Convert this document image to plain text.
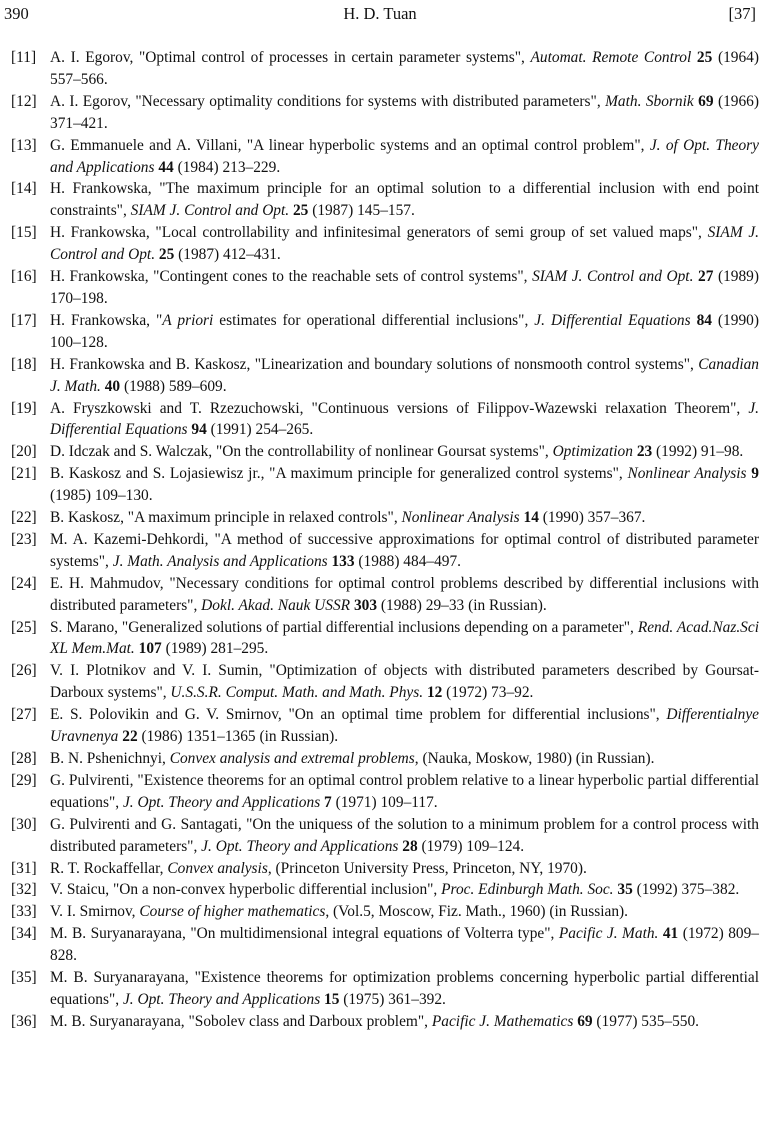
390	H. D. Tuan	[37]
[11] A. I. Egorov, "Optimal control of processes in certain parameter systems", Automat. Remote Control 25 (1964) 557–566.
[12] A. I. Egorov, "Necessary optimality conditions for systems with distributed parameters", Math. Sbornik 69 (1966) 371–421.
[13] G. Emmanuele and A. Villani, "A linear hyperbolic systems and an optimal control problem", J. of Opt. Theory and Applications 44 (1984) 213–229.
[14] H. Frankowska, "The maximum principle for an optimal solution to a differential inclusion with end point constraints", SIAM J. Control and Opt. 25 (1987) 145–157.
[15] H. Frankowska, "Local controllability and infinitesimal generators of semi group of set valued maps", SIAM J. Control and Opt. 25 (1987) 412–431.
[16] H. Frankowska, "Contingent cones to the reachable sets of control systems", SIAM J. Control and Opt. 27 (1989) 170–198.
[17] H. Frankowska, "A priori estimates for operational differential inclusions", J. Differential Equations 84 (1990) 100–128.
[18] H. Frankowska and B. Kaskosz, "Linearization and boundary solutions of nonsmooth control systems", Canadian J. Math. 40 (1988) 589–609.
[19] A. Fryszkowski and T. Rzezuchowski, "Continuous versions of Filippov-Wazewski relaxation Theorem", J. Differential Equations 94 (1991) 254–265.
[20] D. Idczak and S. Walczak, "On the controllability of nonlinear Goursat systems", Optimization 23 (1992) 91–98.
[21] B. Kaskosz and S. Lojasiewisz jr., "A maximum principle for generalized control systems", Nonlinear Analysis 9 (1985) 109–130.
[22] B. Kaskosz, "A maximum principle in relaxed controls", Nonlinear Analysis 14 (1990) 357–367.
[23] M. A. Kazemi-Dehkordi, "A method of successive approximations for optimal control of distributed parameter systems", J. Math. Analysis and Applications 133 (1988) 484–497.
[24] E. H. Mahmudov, "Necessary conditions for optimal control problems described by differential inclusions with distributed parameters", Dokl. Akad. Nauk USSR 303 (1988) 29–33 (in Russian).
[25] S. Marano, "Generalized solutions of partial differential inclusions depending on a parameter", Rend. Acad.Naz.Sci XL Mem.Mat. 107 (1989) 281–295.
[26] V. I. Plotnikov and V. I. Sumin, "Optimization of objects with distributed parameters described by Goursat-Darboux systems", U.S.S.R. Comput. Math. and Math. Phys. 12 (1972) 73–92.
[27] E. S. Polovikin and G. V. Smirnov, "On an optimal time problem for differential inclusions", Differentialnye Uravnenya 22 (1986) 1351–1365 (in Russian).
[28] B. N. Pshenichnyi, Convex analysis and extremal problems, (Nauka, Moskow, 1980) (in Russian).
[29] G. Pulvirenti, "Existence theorems for an optimal control problem relative to a linear hyperbolic partial differential equations", J. Opt. Theory and Applications 7 (1971) 109–117.
[30] G. Pulvirenti and G. Santagati, "On the uniquess of the solution to a minimum problem for a control process with distributed parameters", J. Opt. Theory and Applications 28 (1979) 109–124.
[31] R. T. Rockaffellar, Convex analysis, (Princeton University Press, Princeton, NY, 1970).
[32] V. Staicu, "On a non-convex hyperbolic differential inclusion", Proc. Edinburgh Math. Soc. 35 (1992) 375–382.
[33] V. I. Smirnov, Course of higher mathematics, (Vol.5, Moscow, Fiz. Math., 1960) (in Russian).
[34] M. B. Suryanarayana, "On multidimensional integral equations of Volterra type", Pacific J. Math. 41 (1972) 809–828.
[35] M. B. Suryanarayana, "Existence theorems for optimization problems concerning hyperbolic partial differential equations", J. Opt. Theory and Applications 15 (1975) 361–392.
[36] M. B. Suryanarayana, "Sobolev class and Darboux problem", Pacific J. Mathematics 69 (1977) 535–550.
